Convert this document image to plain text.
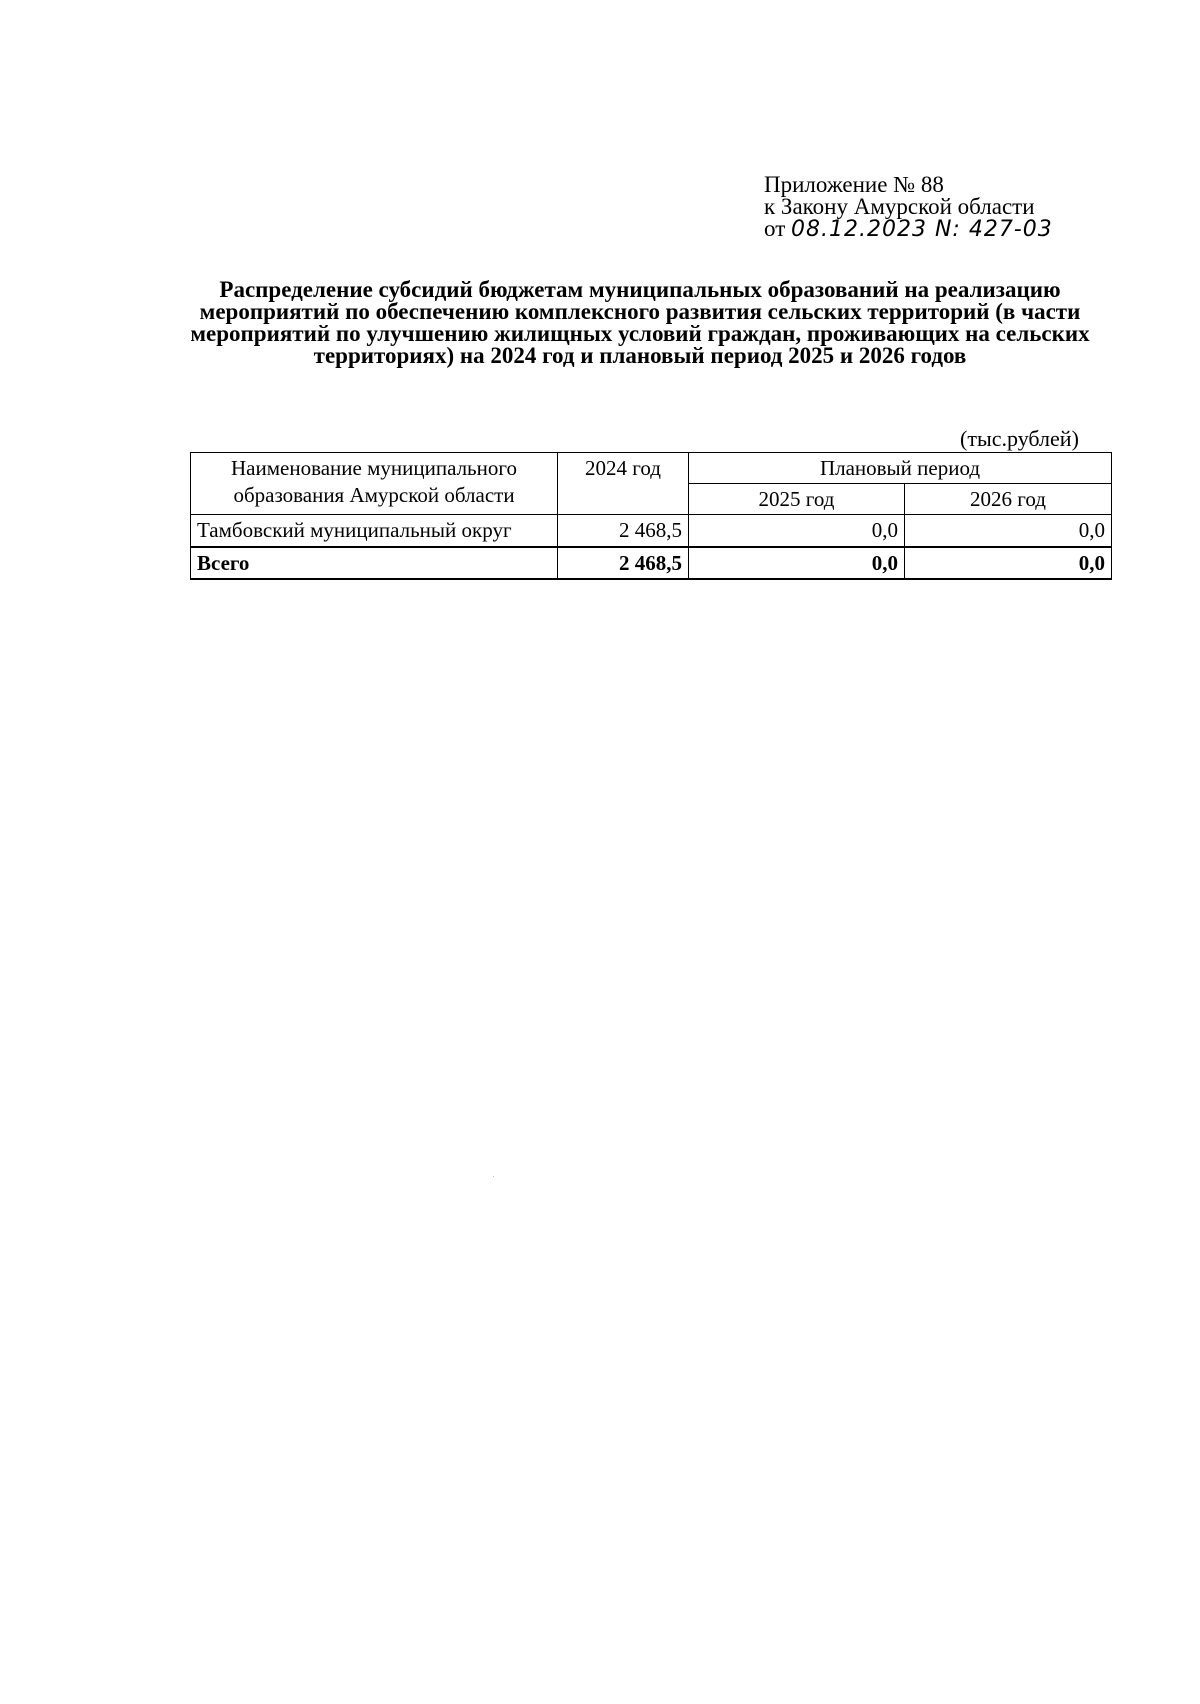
Приложение № 88
к Закону Амурской области
от 08.12.2023 N: 427-03
Распределение субсидий бюджетам муниципальных образований на реализацию мероприятий по обеспечению комплексного развития сельских территорий (в части мероприятий по улучшению жилищных условий граждан, проживающих на сельских территориях) на 2024 год и плановый период 2025 и 2026 годов
(тыс.рублей)
Наименование муниципального образования Амурской области	2024 год	Плановый период	
		2025 год	2026 год
Тамбовский муниципальный округ	2 468,5	0,0	0,0
Всего	2 468,5	0,0	0,0
